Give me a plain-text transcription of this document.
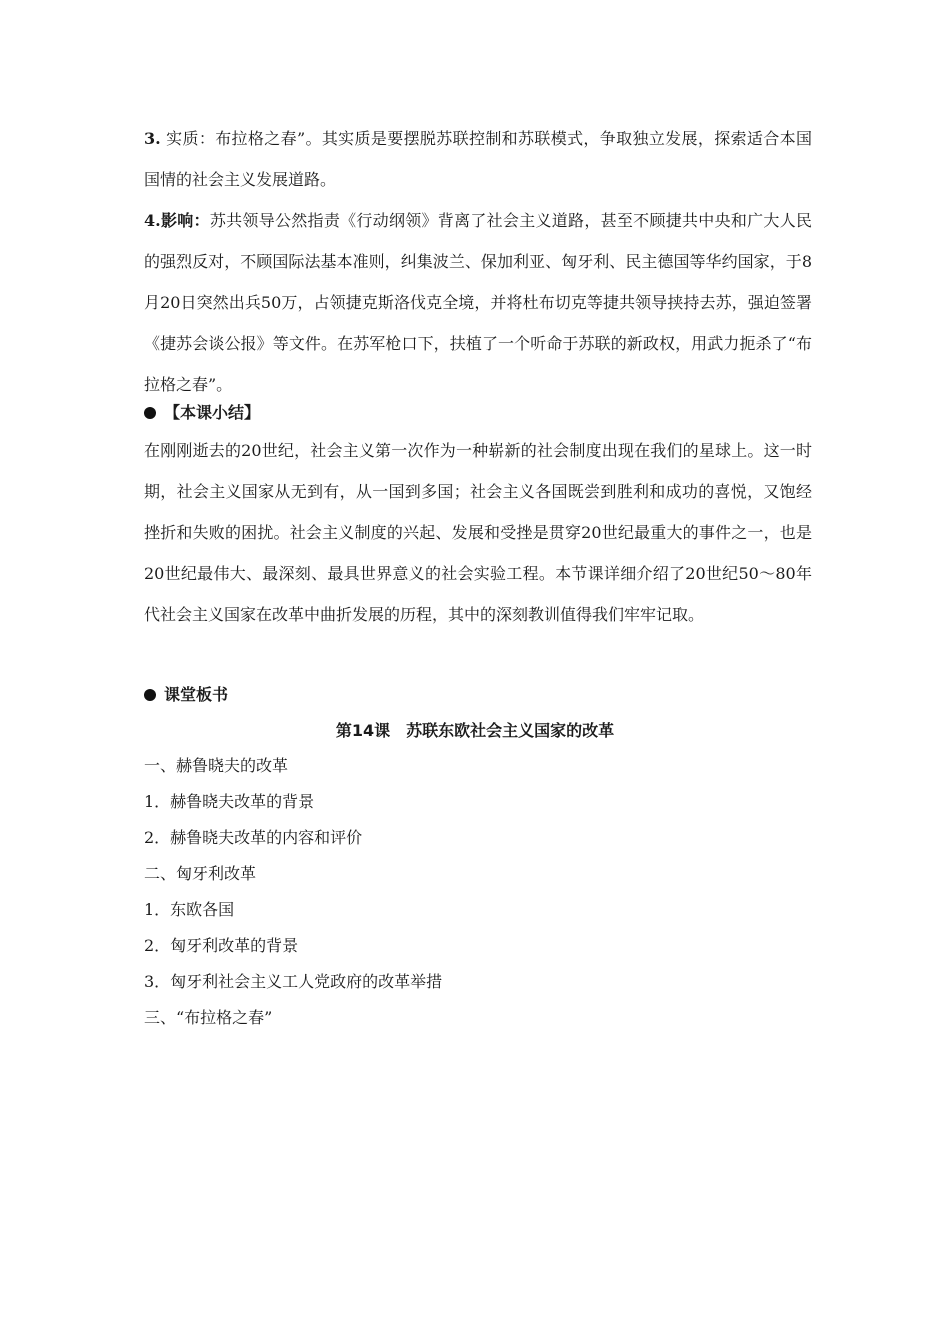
3. 实质：布拉格之春”。其实质是要摆脱苏联控制和苏联模式，争取独立发展，探索适合本国国情的社会主义发展道路。

4.影响：苏共领导公然指责《行动纲领》背离了社会主义道路，甚至不顾捷共中央和广大人民的强烈反对，不顾国际法基本准则，纠集波兰、保加利亚、匈牙利、民主德国等华约国家，于8月20日突然出兵50万，占领捷克斯洛伐克全境，并将杜布切克等捷共领导挟持去苏，强迫签署《捷苏会谈公报》等文件。在苏军枪口下，扶植了一个听命于苏联的新政权，用武力扼杀了“布拉格之春”。

【本课小结】

在刚刚逝去的20世纪，社会主义第一次作为一种崭新的社会制度出现在我们的星球上。这一时期，社会主义国家从无到有，从一国到多国；社会主义各国既尝到胜利和成功的喜悦，又饱经挫折和失败的困扰。社会主义制度的兴起、发展和受挫是贯穿20世纪最重大的事件之一，也是20世纪最伟大、最深刻、最具世界意义的社会实验工程。本节课详细介绍了20世纪50～80年代社会主义国家在改革中曲折发展的历程，其中的深刻教训值得我们牢牢记取。

课堂板书
第14课　苏联东欧社会主义国家的改革
一、赫鲁晓夫的改革
1．赫鲁晓夫改革的背景
2．赫鲁晓夫改革的内容和评价
二、匈牙利改革
1．东欧各国
2．匈牙利改革的背景
3．匈牙利社会主义工人党政府的改革举措
三、“布拉格之春”
